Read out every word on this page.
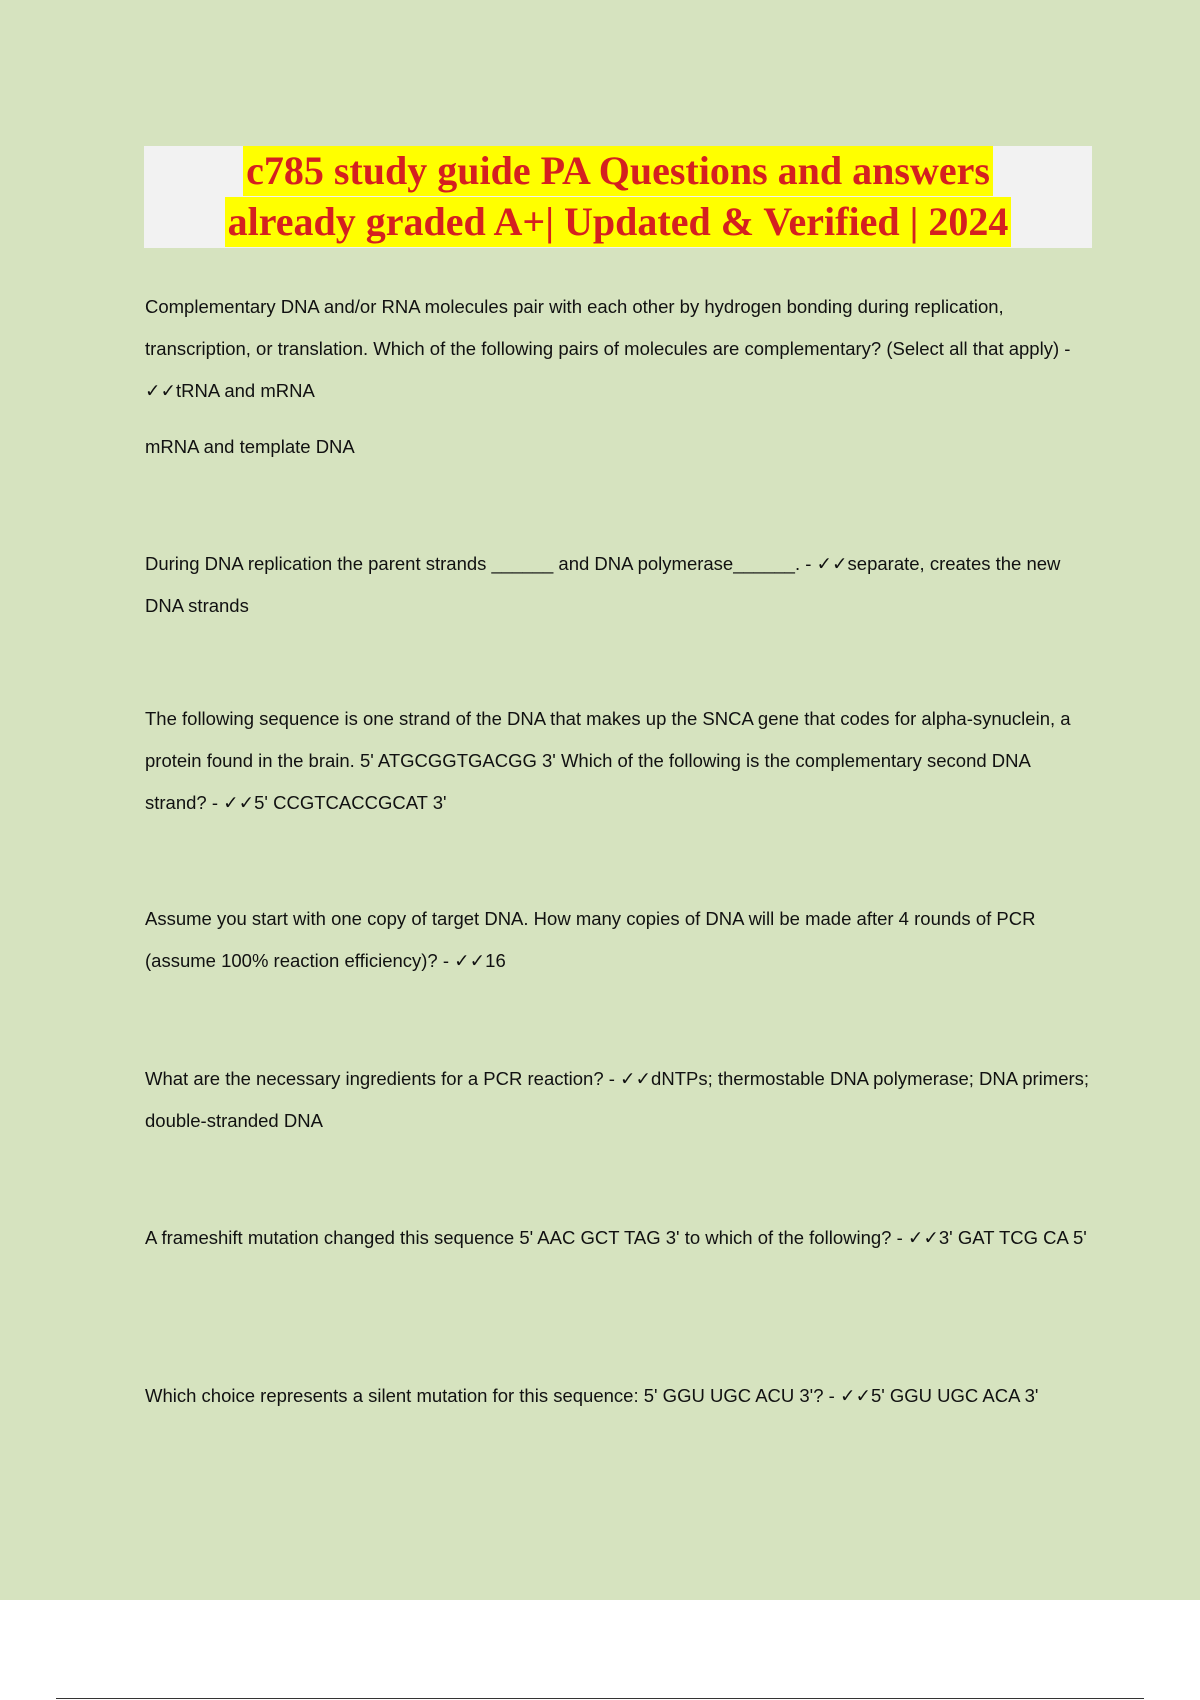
c785 study guide PA Questions and answers
already graded A+| Updated & Verified | 2024

Complementary DNA and/or RNA molecules pair with each other by hydrogen bonding during replication, transcription, or translation. Which of the following pairs of molecules are complementary? (Select all that apply) - ✓✓tRNA and mRNA

mRNA and template DNA

During DNA replication the parent strands ______ and DNA polymerase______. - ✓✓separate, creates the new DNA strands

The following sequence is one strand of the DNA that makes up the SNCA gene that codes for alpha-synuclein, a protein found in the brain. 5' ATGCGGTGACGG 3' Which of the following is the complementary second DNA strand? - ✓✓5' CCGTCACCGCAT 3'

Assume you start with one copy of target DNA. How many copies of DNA will be made after 4 rounds of PCR (assume 100% reaction efficiency)? - ✓✓16

What are the necessary ingredients for a PCR reaction? - ✓✓dNTPs; thermostable DNA polymerase; DNA primers; double-stranded DNA

A frameshift mutation changed this sequence 5' AAC GCT TAG 3' to which of the following? - ✓✓3' GAT TCG CA 5'

Which choice represents a silent mutation for this sequence: 5' GGU UGC ACU 3'? - ✓✓5' GGU UGC ACA 3'
